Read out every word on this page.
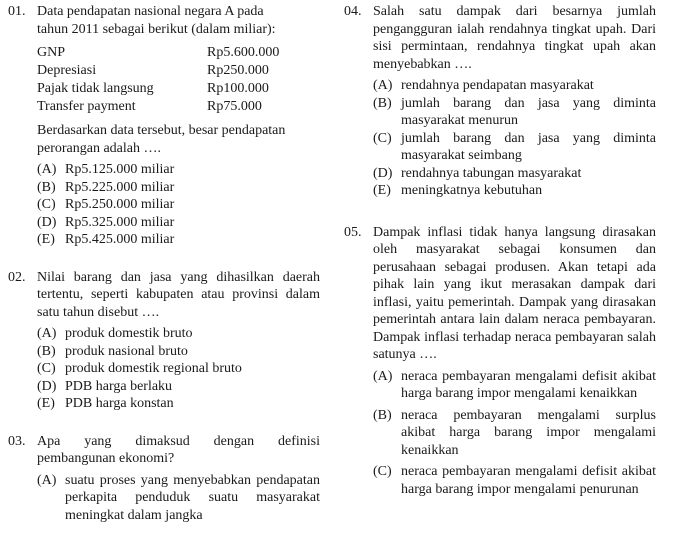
01. Data pendapatan nasional negara A pada
tahun 2011 sebagai berikut (dalam miliar):
GNP	Rp5.600.000
Depresiasi	Rp250.000
Pajak tidak langsung	Rp100.000
Transfer payment	Rp75.000
Berdasarkan data tersebut, besar pendapatan
perorangan adalah ….
(A) Rp5.125.000 miliar
(B) Rp5.225.000 miliar
(C) Rp5.250.000 miliar
(D) Rp5.325.000 miliar
(E) Rp5.425.000 miliar
02. Nilai barang dan jasa yang dihasilkan daerah tertentu, seperti kabupaten atau provinsi dalam satu tahun disebut ….
(A) produk domestik bruto
(B) produk nasional bruto
(C) produk domestik regional bruto
(D) PDB harga berlaku
(E) PDB harga konstan
03. Apa yang dimaksud dengan definisi pembangunan ekonomi?
(A) suatu proses yang menyebabkan pendapatan perkapita penduduk suatu masyarakat meningkat dalam jangka
04. Salah satu dampak dari besarnya jumlah pengangguran ialah rendahnya tingkat upah. Dari sisi permintaan, rendahnya tingkat upah akan menyebabkan ….
(A) rendahnya pendapatan masyarakat
(B) jumlah barang dan jasa yang diminta masyarakat menurun
(C) jumlah barang dan jasa yang diminta masyarakat seimbang
(D) rendahnya tabungan masyarakat
(E) meningkatnya kebutuhan
05. Dampak inflasi tidak hanya langsung dirasakan oleh masyarakat sebagai konsumen dan perusahaan sebagai produsen. Akan tetapi ada pihak lain yang ikut merasakan dampak dari inflasi, yaitu pemerintah. Dampak yang dirasakan pemerintah antara lain dalam neraca pembayaran. Dampak inflasi terhadap neraca pembayaran salah satunya ….
(A) neraca pembayaran mengalami defisit akibat harga barang impor mengalami kenaikkan
(B) neraca pembayaran mengalami surplus akibat harga barang impor mengalami kenaikkan
(C) neraca pembayaran mengalami defisit akibat harga barang impor mengalami penurunan
